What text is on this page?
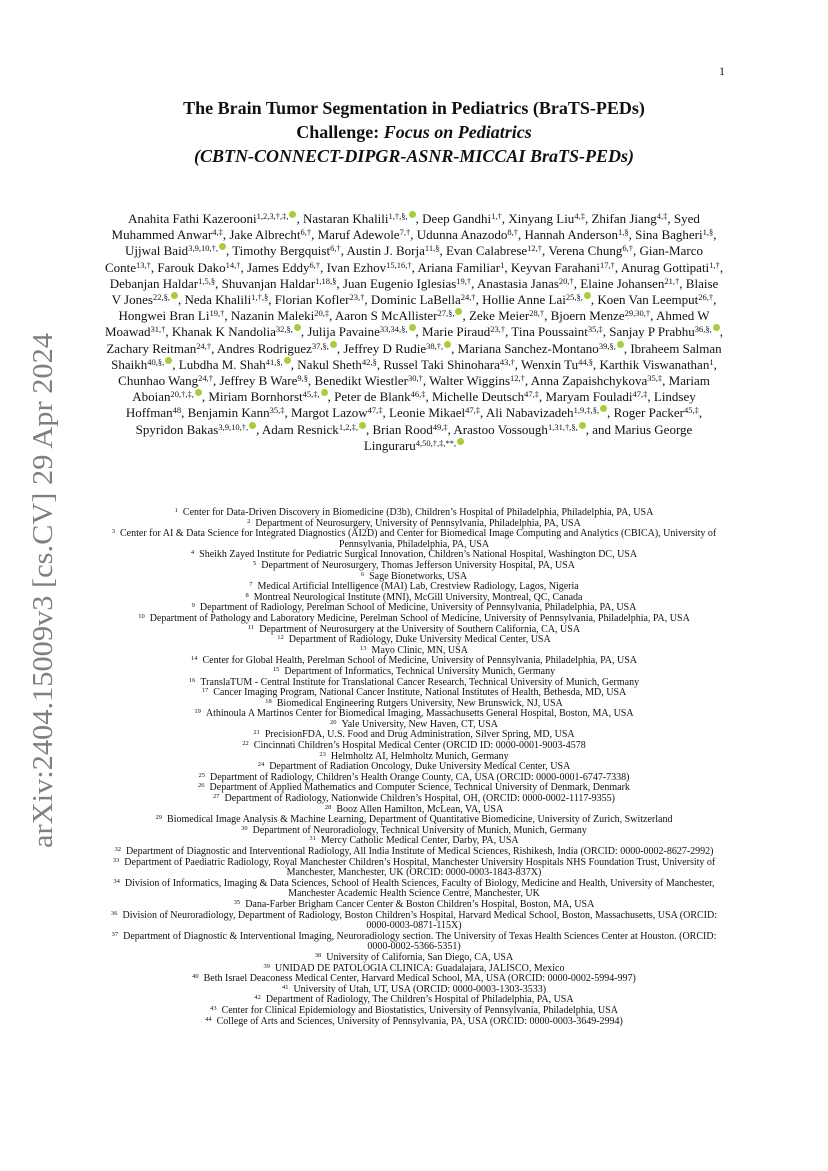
1
arXiv:2404.15009v3 [cs.CV] 29 Apr 2024
The Brain Tumor Segmentation in Pediatrics (BraTS-PEDs)
Challenge: Focus on Pediatrics
(CBTN-CONNECT-DIPGR-ASNR-MICCAI BraTS-PEDs)
Anahita Fathi Kazerooni$^{1,2,3,\dagger,\ddagger,}$ , Nastaran Khalili$^{1,\dagger,\S,}$ , Deep Gandhi$^{1,\dagger}$, Xinyang Liu$^{4,\ddagger}$, Zhifan Jiang$^{4,\ddagger}$, Syed Muhammed Anwar$^{4,\ddagger}$, Jake Albrecht$^{6,\dagger}$, Maruf Adewole$^{7,\dagger}$, Udunna Anazodo$^{8,\dagger}$, Hannah Anderson$^{1,\S}$, Sina Bagheri$^{1,\S}$, Ujjwal Baid$^{3,9,10,\dagger,}$ , Timothy Bergquist$^{6,\dagger}$, Austin J. Borja$^{11,\S}$, Evan Calabrese$^{12,\dagger}$, Verena Chung$^{6,\dagger}$, Gian-Marco Conte$^{13,\dagger}$, Farouk Dako$^{14,\dagger}$, James Eddy$^{6,\dagger}$, Ivan Ezhov$^{15,16,\dagger}$, Ariana Familiar$^1$, Keyvan Farahani$^{17,\dagger}$, Anurag Gottipati$^{1,\dagger}$, Debanjan Haldar$^{1,5,\S}$, Shuvanjan Haldar$^{1,18,\S}$, Juan Eugenio Iglesias$^{19,\dagger}$, Anastasia Janas$^{20,\dagger}$, Elaine Johansen$^{21,\dagger}$, Blaise V Jones$^{22,\S,}$ , Neda Khalili$^{1,\dagger,\S}$, Florian Kofler$^{23,\dagger}$, Dominic LaBella$^{24,\dagger}$, Hollie Anne Lai$^{25,\S,}$ , Koen Van Leemput$^{26,\dagger}$, Hongwei Bran $Li^{19,\dagger}$, Nazanin Maleki$^{20,\ddagger}$, Aaron S McAllister$^{27,\S,}$ , Zeke Meier$^{28,\dagger}$, Bjoern Menze$^{29,30,\dagger}$, Ahmed W Moawad$^{31,\dagger}$, Khanak K Nandolia$^{32,\S,}$ , Julija Pavaine$^{33,34,\S,}$ , Marie Piraud$^{23,\dagger}$, Tina Poussaint$^{35,\ddagger}$, Sanjay P Prabhu$^{36,\S,}$ , Zachary Reitman$^{24,\dagger}$, Andres Rodriguez$^{37,\S,}$ , Jeffrey D Rudie$^{38,\dagger,}$ , Mariana Sanchez-Montano$^{39,\S,}$ , Ibraheem Salman Shaikh$^{40,\S,}$ , Lubdha M. Shah$^{41,\S,}$ , Nakul Sheth$^{42,\S}$, Russel Taki Shinohara$^{43,\dagger}$, Wenxin $Tu^{44,\S}$, Karthik Viswanathan$^1$, Chunhao Wang$^{24,\dagger}$, Jeffrey B Ware$^{9,\S}$, Benedikt Wiestler$^{30,\dagger}$, Walter Wiggins$^{12,\dagger}$, Anna Zapaishchykova$^{35,\ddagger}$, Mariam Aboian$^{20,\dagger,\ddagger,}$ , Miriam Bornhorst$^{45,\ddagger,}$ , Peter de Blank$^{46,\ddagger}$, Michelle Deutsch$^{47,\ddagger}$, Maryam Fouladi$^{47,\ddagger}$, Lindsey Hoffman$^{48}$, Benjamin Kann$^{35,\ddagger}$, Margot Lazow$^{47,\ddagger}$, Leonie Mikael$^{47,\ddagger}$, Ali Nabavizadeh$^{1,9,\ddagger,\S,}$ , Roger Packer$^{45,\ddagger}$, Spyridon Bakas$^{3,9,10,\dagger,}$ , Adam Resnick$^{1,2,\ddagger,}$ , Brian Rood$^{49,\ddagger}$, Arastoo Vossough$^{1,31,\dagger,\S,}$ , and Marius George Linguraru$^{4,50,\dagger,\ddagger,**,}$

$^1$ Center for Data-Driven Discovery in Biomedicine (D3b), Children’s Hospital of Philadelphia, Philadelphia, PA, USA

$^2$ Department of Neurosurgery, University of Pennsylvania, Philadelphia, PA, USA

$^3$ Center for AI & Data Science for Integrated Diagnostics (AI2D) and Center for Biomedical Image Computing and Analytics (CBICA), University of Pennsylvania, Philadelphia, PA, USA

$^4$ Sheikh Zayed Institute for Pediatric Surgical Innovation, Children’s National Hospital, Washington DC, USA

$^5$ Department of Neurosurgery, Thomas Jefferson University Hospital, PA, USA

$^6$ Sage Bionetworks, USA

$^7$ Medical Artificial Intelligence (MAI) Lab, Crestview Radiology, Lagos, Nigeria

$^8$ Montreal Neurological Institute (MNI), McGill University, Montreal, QC, Canada

$^9$ Department of Radiology, Perelman School of Medicine, University of Pennsylvania, Philadelphia, PA, USA

$^{10}$ Department of Pathology and Laboratory Medicine, Perelman School of Medicine, University of Pennsylvania, Philadelphia, PA, USA

$^{11}$ Department of Neurosurgery at the University of Southern California, CA, USA

$^{12}$ Department of Radiology, Duke University Medical Center, USA

$^{13}$ Mayo Clinic, MN, USA

$^{14}$ Center for Global Health, Perelman School of Medicine, University of Pennsylvania, Philadelphia, PA, USA

$^{15}$ Department of Informatics, Technical University Munich, Germany

$^{16}$ TranslaTUM - Central Institute for Translational Cancer Research, Technical University of Munich, Germany

$^{17}$ Cancer Imaging Program, National Cancer Institute, National Institutes of Health, Bethesda, MD, USA

$^{18}$ Biomedical Engineering Rutgers University, New Brunswick, NJ, USA

$^{19}$ Athinoula A Martinos Center for Biomedical Imaging, Massachusetts General Hospital, Boston, MA, USA

$^{20}$ Yale University, New Haven, CT, USA

$^{21}$ PrecisionFDA, U.S. Food and Drug Administration, Silver Spring, MD, USA

$^{22}$ Cincinnati Children’s Hospital Medical Center (ORCID ID: 0000-0001-9003-4578

$^{23}$ Helmholtz AI, Helmholtz Munich, Germany

$^{24}$ Department of Radiation Oncology, Duke University Medical Center, USA

$^{25}$ Department of Radiology, Children’s Health Orange County, CA, USA (ORCID: 0000-0001-6747-7338)

$^{26}$ Department of Applied Mathematics and Computer Science, Technical University of Denmark, Denmark

$^{27}$ Department of Radiology, Nationwide Children’s Hospital, OH, (ORCID: 0000-0002-1117-9355)

$^{28}$ Booz Allen Hamilton, McLean, VA, USA

$^{29}$ Biomedical Image Analysis & Machine Learning, Department of Quantitative Biomedicine, University of Zurich, Switzerland

$^{30}$ Department of Neuroradiology, Technical University of Munich, Munich, Germany

$^{31}$ Mercy Catholic Medical Center, Darby, PA, USA

$^{32}$ Department of Diagnostic and Interventional Radiology, All India Institute of Medical Sciences, Rishikesh, India (ORCID: 0000-0002-8627-2992)

$^{33}$ Department of Paediatric Radiology, Royal Manchester Children’s Hospital, Manchester University Hospitals NHS Foundation Trust, University of Manchester, Manchester, UK (ORCID: 0000-0003-1843-837X)

$^{34}$ Division of Informatics, Imaging & Data Sciences, School of Health Sciences, Faculty of Biology, Medicine and Health, University of Manchester, Manchester Academic Health Science Centre, Manchester, UK

$^{35}$ Dana-Farber Brigham Cancer Center & Boston Children’s Hospital, Boston, MA, USA

$^{36}$ Division of Neuroradiology, Department of Radiology, Boston Children’s Hospital, Harvard Medical School, Boston, Massachusetts, USA (ORCID: 0000-0003-0871-115X)

$^{37}$ Department of Diagnostic & Interventional Imaging, Neuroradiology section. The University of Texas Health Sciences Center at Houston. (ORCID: 0000-0002-5366-5351)

$^{38}$ University of California, San Diego, CA, USA

$^{39}$ UNIDAD DE PATOLOGIA CLINICA: Guadalajara, JALISCO, Mexico

$^{40}$ Beth Israel Deaconess Medical Center, Harvard Medical School, MA, USA (ORCID: 0000-0002-5994-997)

$^{41}$ University of Utah, UT, USA (ORCID: 0000-0003-1303-3533)

$^{42}$ Department of Radiology, The Children’s Hospital of Philadelphia, PA, USA

$^{43}$ Center for Clinical Epidemiology and Biostatistics, University of Pennsylvania, Philadelphia, USA

$^{44}$ College of Arts and Sciences, University of Pennsylvania, PA, USA (ORCID: 0000-0003-3649-2994)
